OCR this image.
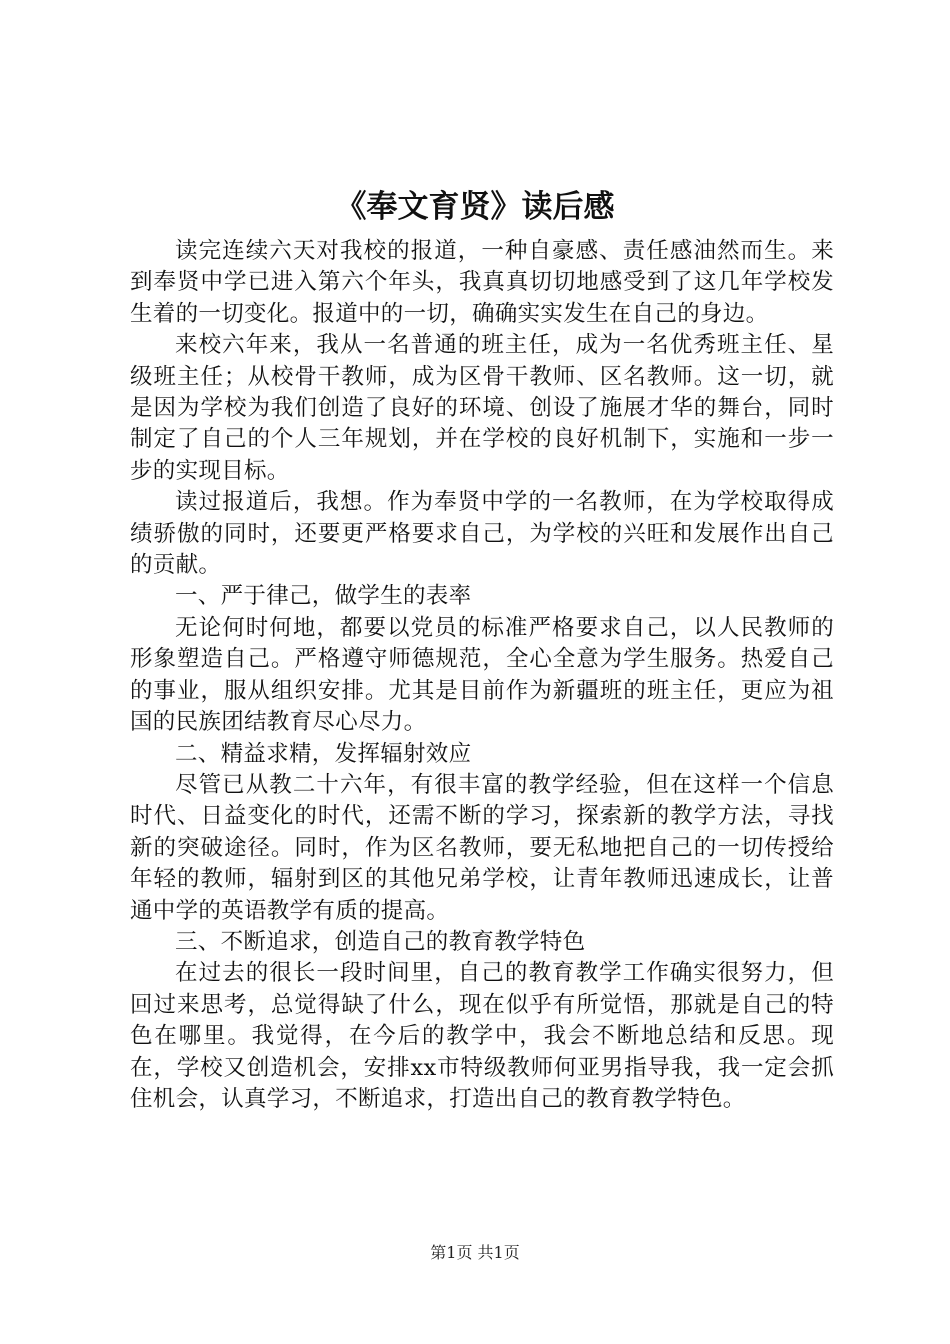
《奉文育贤》读后感

读完连续六天对我校的报道，一种自豪感、责任感油然而生。来到奉贤中学已进入第六个年头，我真真切切地感受到了这几年学校发生着的一切变化。报道中的一切，确确实实发生在自己的身边。

来校六年来，我从一名普通的班主任，成为一名优秀班主任、星级班主任；从校骨干教师，成为区骨干教师、区名教师。这一切，就是因为学校为我们创造了良好的环境、创设了施展才华的舞台，同时制定了自己的个人三年规划，并在学校的良好机制下，实施和一步一步的实现目标。

读过报道后，我想。作为奉贤中学的一名教师，在为学校取得成绩骄傲的同时，还要更严格要求自己，为学校的兴旺和发展作出自己的贡献。

一、严于律己，做学生的表率

无论何时何地，都要以党员的标准严格要求自己，以人民教师的形象塑造自己。严格遵守师德规范，全心全意为学生服务。热爱自己的事业，服从组织安排。尤其是目前作为新疆班的班主任，更应为祖国的民族团结教育尽心尽力。

二、精益求精，发挥辐射效应

尽管已从教二十六年，有很丰富的教学经验，但在这样一个信息时代、日益变化的时代，还需不断的学习，探索新的教学方法，寻找新的突破途径。同时，作为区名教师，要无私地把自己的一切传授给年轻的教师，辐射到区的其他兄弟学校，让青年教师迅速成长，让普通中学的英语教学有质的提高。

三、不断追求，创造自己的教育教学特色

在过去的很长一段时间里，自己的教育教学工作确实很努力，但回过来思考，总觉得缺了什么，现在似乎有所觉悟，那就是自己的特色在哪里。我觉得，在今后的教学中，我会不断地总结和反思。现在，学校又创造机会，安排xx市特级教师何亚男指导我，我一定会抓住机会，认真学习，不断追求，打造出自己的教育教学特色。

第1页 共1页
